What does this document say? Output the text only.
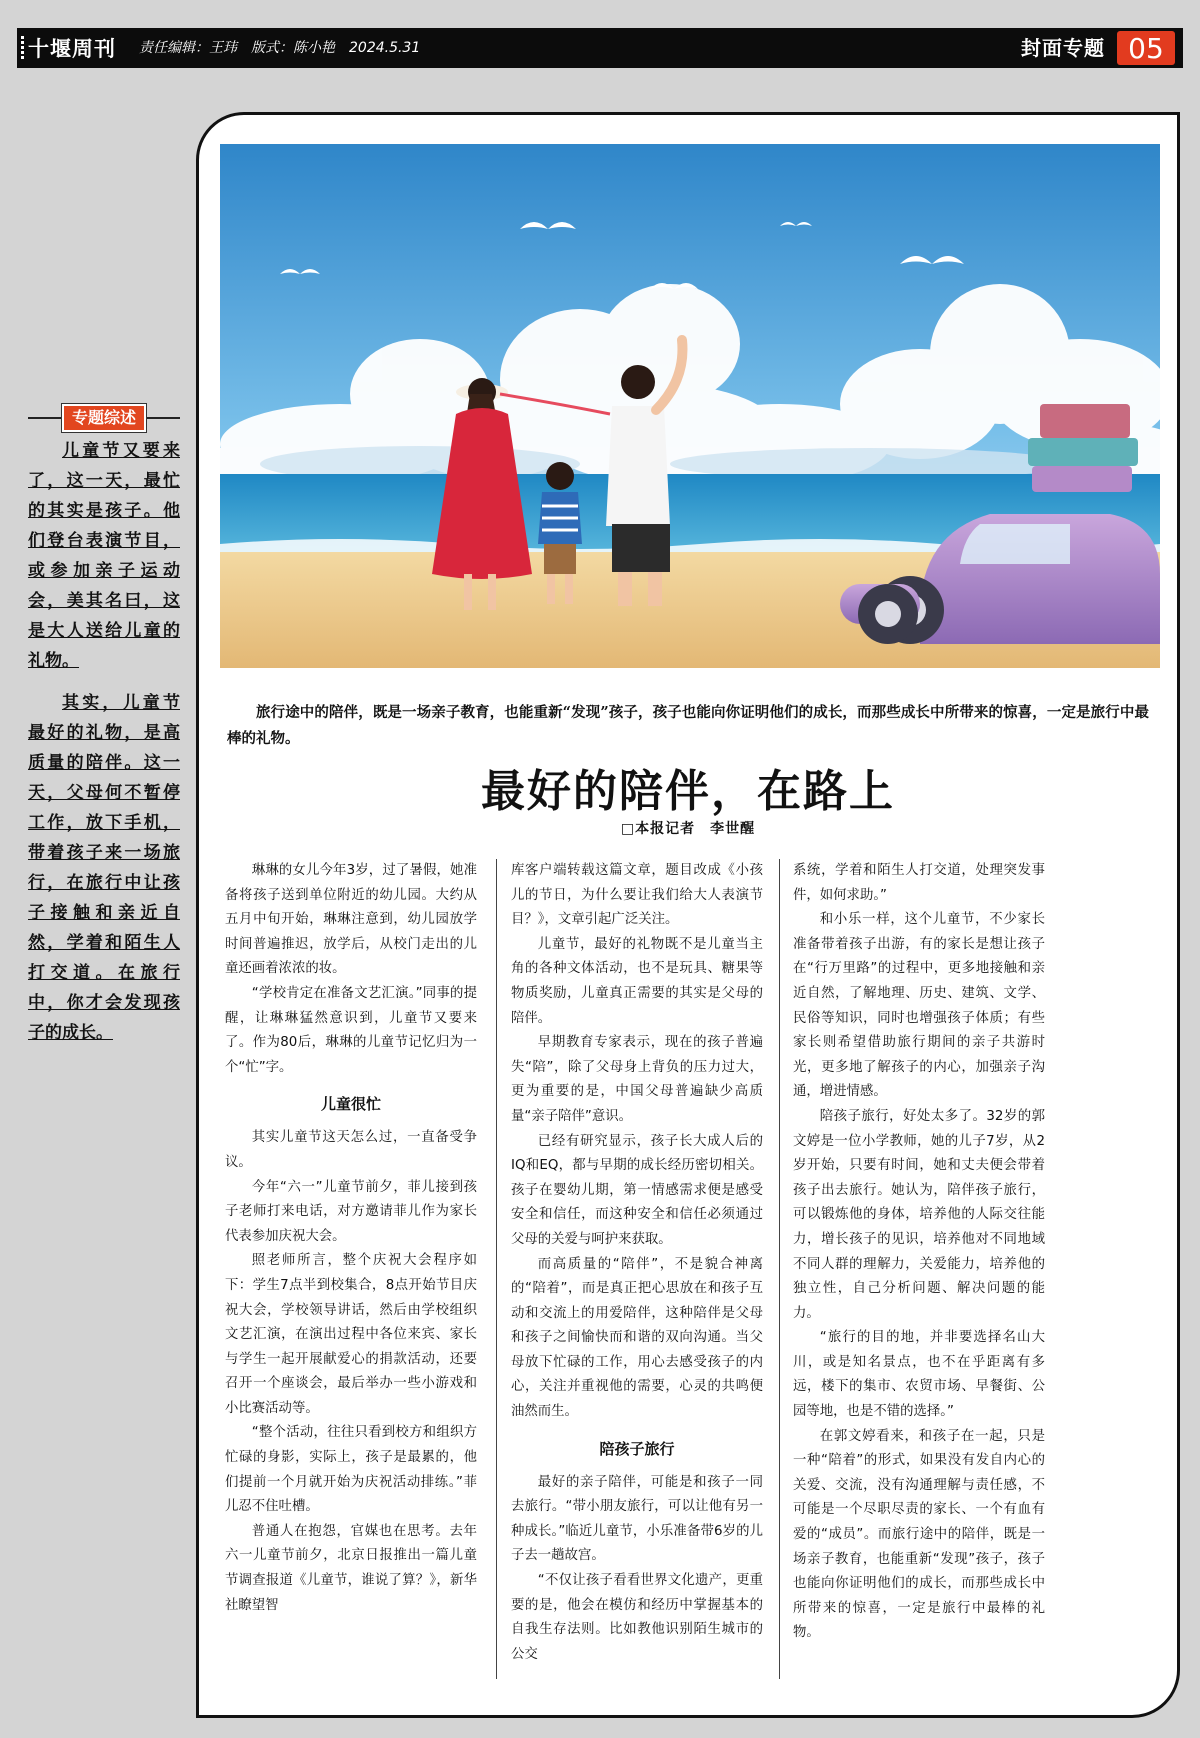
十堰周刊	责任编辑：王玮　版式：陈小艳　2024.5.31	封面专题 05
专题综述

儿童节又要来了，这一天，最忙的其实是孩子。他们登台表演节目，或参加亲子运动会，美其名曰，这是大人送给儿童的礼物。

其实，儿童节最好的礼物，是高质量的陪伴。这一天，父母何不暂停工作，放下手机，带着孩子来一场旅行，在旅行中让孩子接触和亲近自然，学着和陌生人打交道。在旅行中，你才会发现孩子的成长。

旅行途中的陪伴，既是一场亲子教育，也能重新“发现”孩子，孩子也能向你证明他们的成长，而那些成长中所带来的惊喜，一定是旅行中最棒的礼物。
最好的陪伴，在路上
□本报记者　李世醒

琳琳的女儿今年3岁，过了暑假，她准备将孩子送到单位附近的幼儿园。大约从五月中旬开始，琳琳注意到，幼儿园放学时间普遍推迟，放学后，从校门走出的儿童还画着浓浓的妆。

“学校肯定在准备文艺汇演。”同事的提醒，让琳琳猛然意识到，儿童节又要来了。作为80后，琳琳的儿童节记忆归为一个“忙”字。

儿童很忙

其实儿童节这天怎么过，一直备受争议。

今年“六一”儿童节前夕，菲儿接到孩子老师打来电话，对方邀请菲儿作为家长代表参加庆祝大会。

照老师所言，整个庆祝大会程序如下：学生7点半到校集合，8点开始节目庆祝大会，学校领导讲话，然后由学校组织文艺汇演，在演出过程中各位来宾、家长与学生一起开展献爱心的捐款活动，还要召开一个座谈会，最后举办一些小游戏和小比赛活动等。

“整个活动，往往只看到校方和组织方忙碌的身影，实际上，孩子是最累的，他们提前一个月就开始为庆祝活动排练。”菲儿忍不住吐槽。

普通人在抱怨，官媒也在思考。去年六一儿童节前夕，北京日报推出一篇儿童节调查报道《儿童节，谁说了算？》，新华社瞭望智

库客户端转载这篇文章，题目改成《小孩儿的节日，为什么要让我们给大人表演节目？》，文章引起广泛关注。

儿童节，最好的礼物既不是儿童当主角的各种文体活动，也不是玩具、糖果等物质奖励，儿童真正需要的其实是父母的陪伴。

早期教育专家表示，现在的孩子普遍失“陪”，除了父母身上背负的压力过大，更为重要的是，中国父母普遍缺少高质量“亲子陪伴”意识。

已经有研究显示，孩子长大成人后的IQ和EQ，都与早期的成长经历密切相关。孩子在婴幼儿期，第一情感需求便是感受安全和信任，而这种安全和信任必须通过父母的关爱与呵护来获取。

而高质量的“陪伴”，不是貌合神离的“陪着”，而是真正把心思放在和孩子互动和交流上的用爱陪伴，这种陪伴是父母和孩子之间愉快而和谐的双向沟通。当父母放下忙碌的工作，用心去感受孩子的内心，关注并重视他的需要，心灵的共鸣便油然而生。

陪孩子旅行

最好的亲子陪伴，可能是和孩子一同去旅行。“带小朋友旅行，可以让他有另一种成长。”临近儿童节，小乐准备带6岁的儿子去一趟故宫。

“不仅让孩子看看世界文化遗产，更重要的是，他会在模仿和经历中掌握基本的自我生存法则。比如教他识别陌生城市的公交

系统，学着和陌生人打交道，处理突发事件，如何求助。”

和小乐一样，这个儿童节，不少家长准备带着孩子出游，有的家长是想让孩子在“行万里路”的过程中，更多地接触和亲近自然，了解地理、历史、建筑、文学、民俗等知识，同时也增强孩子体质；有些家长则希望借助旅行期间的亲子共游时光，更多地了解孩子的内心，加强亲子沟通，增进情感。

陪孩子旅行，好处太多了。32岁的郭文婷是一位小学教师，她的儿子7岁，从2岁开始，只要有时间，她和丈夫便会带着孩子出去旅行。她认为，陪伴孩子旅行，可以锻炼他的身体，培养他的人际交往能力，增长孩子的见识，培养他对不同地域不同人群的理解力，关爱能力，培养他的独立性，自己分析问题、解决问题的能力。

“旅行的目的地，并非要选择名山大川，或是知名景点，也不在乎距离有多远，楼下的集市、农贸市场、早餐街、公园等地，也是不错的选择。”

在郭文婷看来，和孩子在一起，只是一种“陪着”的形式，如果没有发自内心的关爱、交流，没有沟通理解与责任感，不可能是一个尽职尽责的家长、一个有血有爱的“成员”。而旅行途中的陪伴，既是一场亲子教育，也能重新“发现”孩子，孩子也能向你证明他们的成长，而那些成长中所带来的惊喜，一定是旅行中最棒的礼物。
